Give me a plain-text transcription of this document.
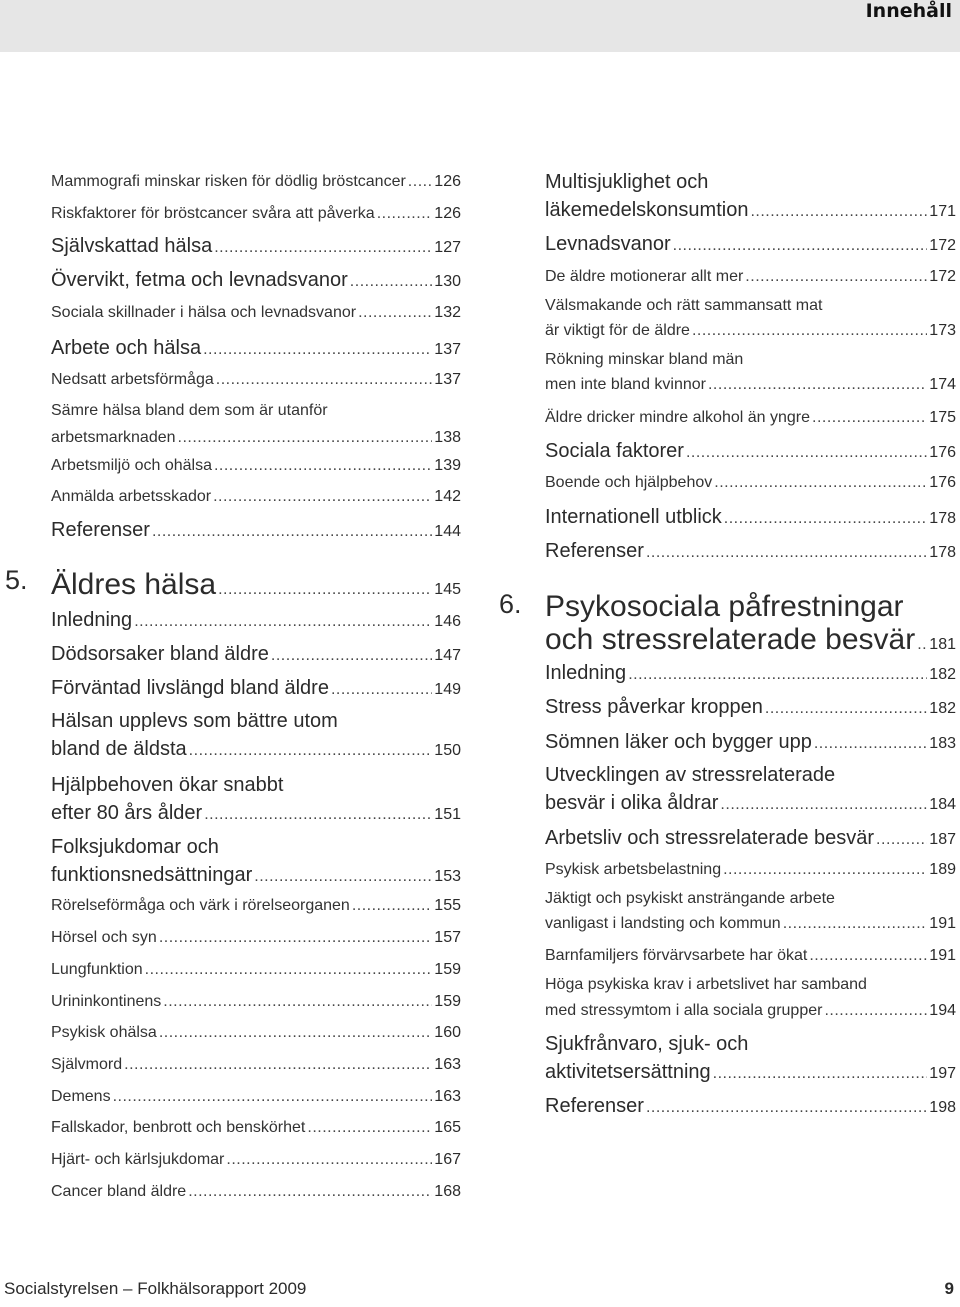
Innehåll
Mammografi minskar risken för dödlig bröstcancer ..... 126
Riskfaktorer för bröstcancer svåra att påverka .....	126
Självskattad hälsa .....	127
Övervikt, fetma och levnadsvanor .....	130
Sociala skillnader i hälsa och levnadsvanor .....	132
Arbete och hälsa .....	137
Nedsatt arbetsförmåga .....	137
Sämre hälsa bland dem som är utanför
arbetsmarknaden .....	138
Arbetsmiljö och ohälsa .....	139
Anmälda arbetsskador .....	142
Referenser .....	144
5. Äldres hälsa .....	145
Inledning .....	146
Dödsorsaker bland äldre .....	147
Förväntad livslängd bland äldre .....	149
Hälsan upplevs som bättre utom
bland de äldsta .....	150
Hjälpbehoven ökar snabbt
efter 80 års ålder .....	151
Folksjukdomar och
funktionsnedsättningar .....	153
Rörelseförmåga och värk i rörelseorganen .....	155
Hörsel och syn .....	157
Lungfunktion .....	159
Urininkontinens .....	159
Psykisk ohälsa .....	160
Självmord .....	163
Demens .....	163
Fallskador, benbrott och benskörhet .....	165
Hjärt- och kärlsjukdomar .....	167
Cancer bland äldre .....	168
Multisjuklighet och
läkemedelskonsumtion .....	171
Levnadsvanor .....	172
De äldre motionerar allt mer .....	172
Välsmakande och rätt sammansatt mat
är viktigt för de äldre .....	173
Rökning minskar bland män
men inte bland kvinnor .....	174
Äldre dricker mindre alkohol än yngre .....	175
Sociala faktorer .....	176
Boende och hjälpbehov .....	176
Internationell utblick .....	178
Referenser .....	178
6. Psykosociala påfrestningar
och stressrelaterade besvär ..... 181
Inledning .....	182
Stress påverkar kroppen .....	182
Sömnen läker och bygger upp .....	183
Utvecklingen av stressrelaterade
besvär i olika åldrar .....	184
Arbetsliv och stressrelaterade besvär .....	187
Psykisk arbetsbelastning .....	189
Jäktigt och psykiskt ansträngande arbete
vanligast i landsting och kommun .....	191
Barnfamiljers förvärvsarbete har ökat .....	191
Höga psykiska krav i arbetslivet har samband
med stressymtom i alla sociala grupper .....	194
Sjukfrånvaro, sjuk- och
aktivitetsersättning .....	197
Referenser .....	198
Socialstyrelsen – Folkhälsorapport 2009	9
